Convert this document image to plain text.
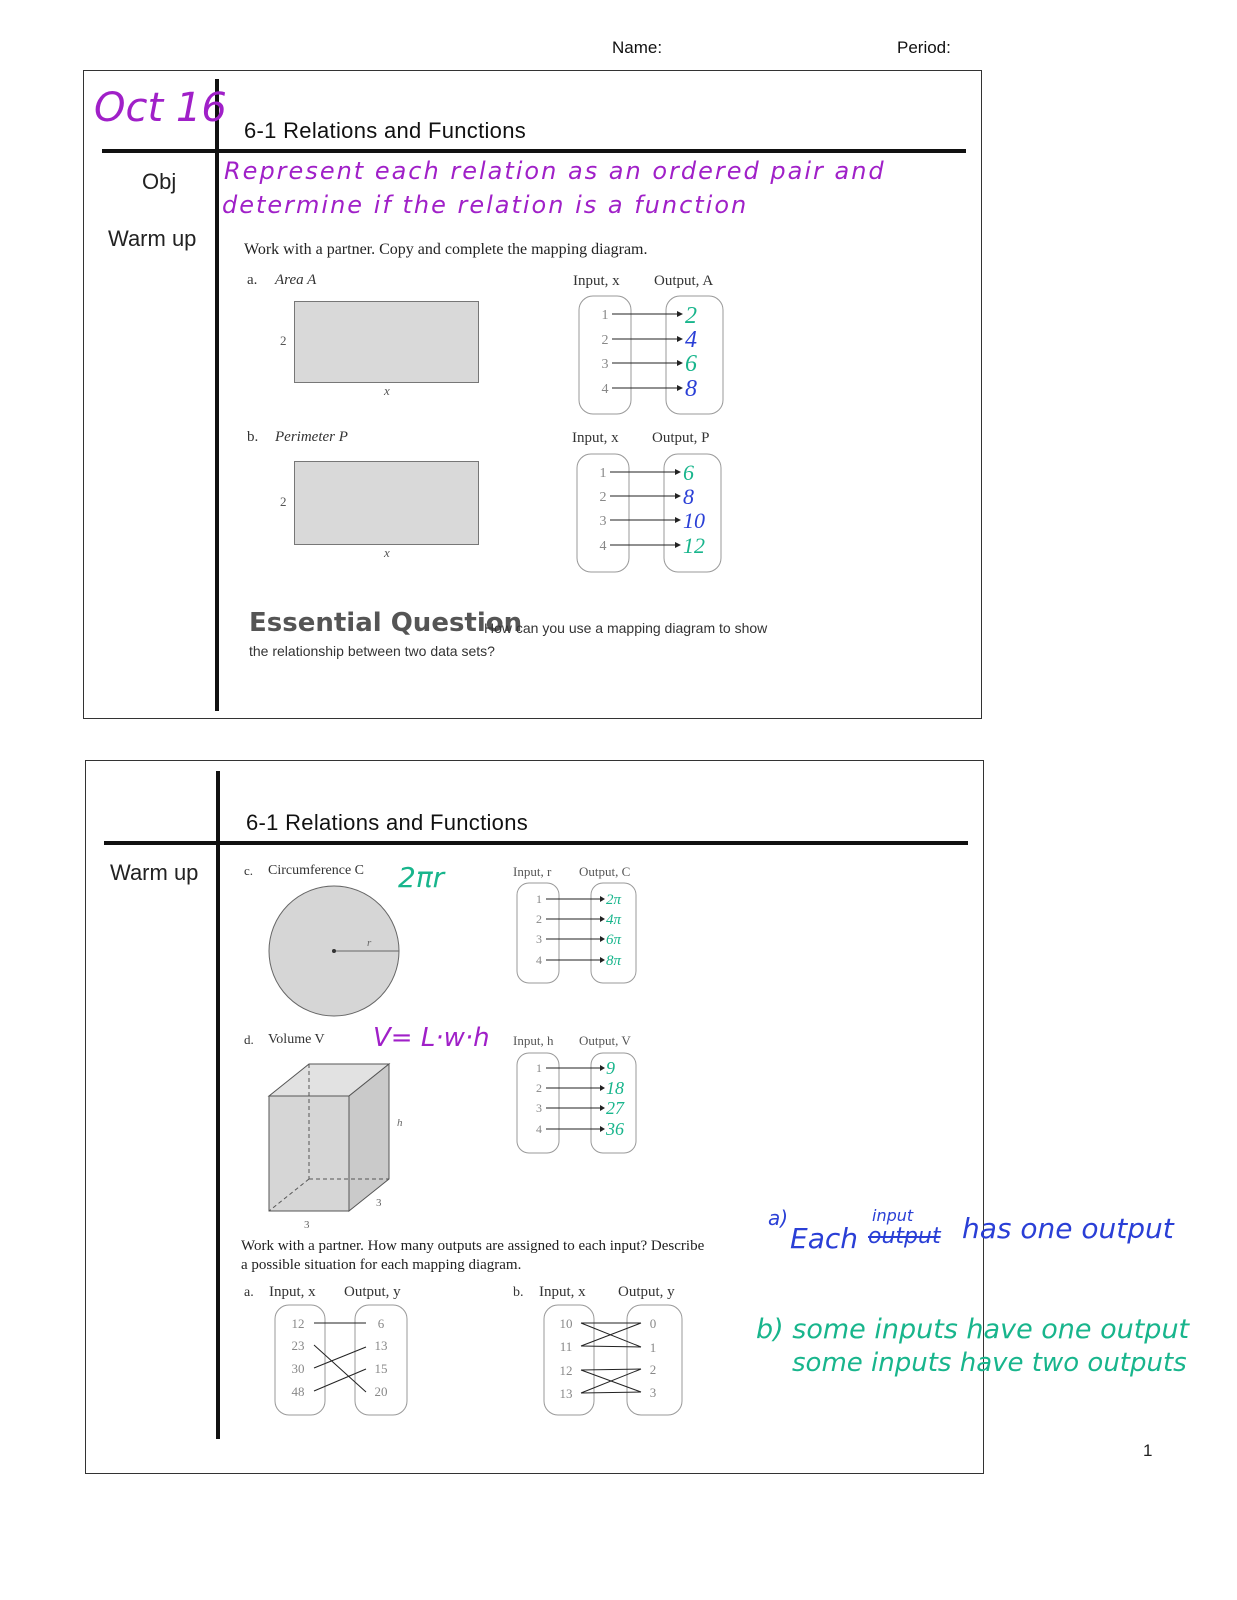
Name:	Period:
Oct 16 6-1 Relations and Functions
Obj
Warm up
Represent each relation as an ordered pair and
determine if the relation is a function
Work with a partner. Copy and complete the mapping diagram.
a. Area A
2
x
Input, x Output, A
1
2
3
4
2
4
6
8
b. Perimeter P
2
x
Input, x Output, P
1
2
3
4
6
8
10
12
Essential Question
How can you use a mapping diagram to show
the relationship between two data sets?
6-1 Relations and Functions
Warm up	c. Circumference C 2πr
r
Input, r Output, C
1
2
3
4
2π
4π
6π
8π
d. Volume V V= L·w·h
h
3
3
Input, h Output, V
1
2
3
4
9
18
27
36
Work with a partner. How many outputs are assigned to each input? Describe
a possible situation for each mapping diagram.
a. Input, x Output, y
12
23
30
48
6
13
15
20
b. Input, x Output, y
10
11
12
13
0
1
2
3
a)
Each
input
output has one output
b) some inputs have one output
some inputs have two outputs
1
